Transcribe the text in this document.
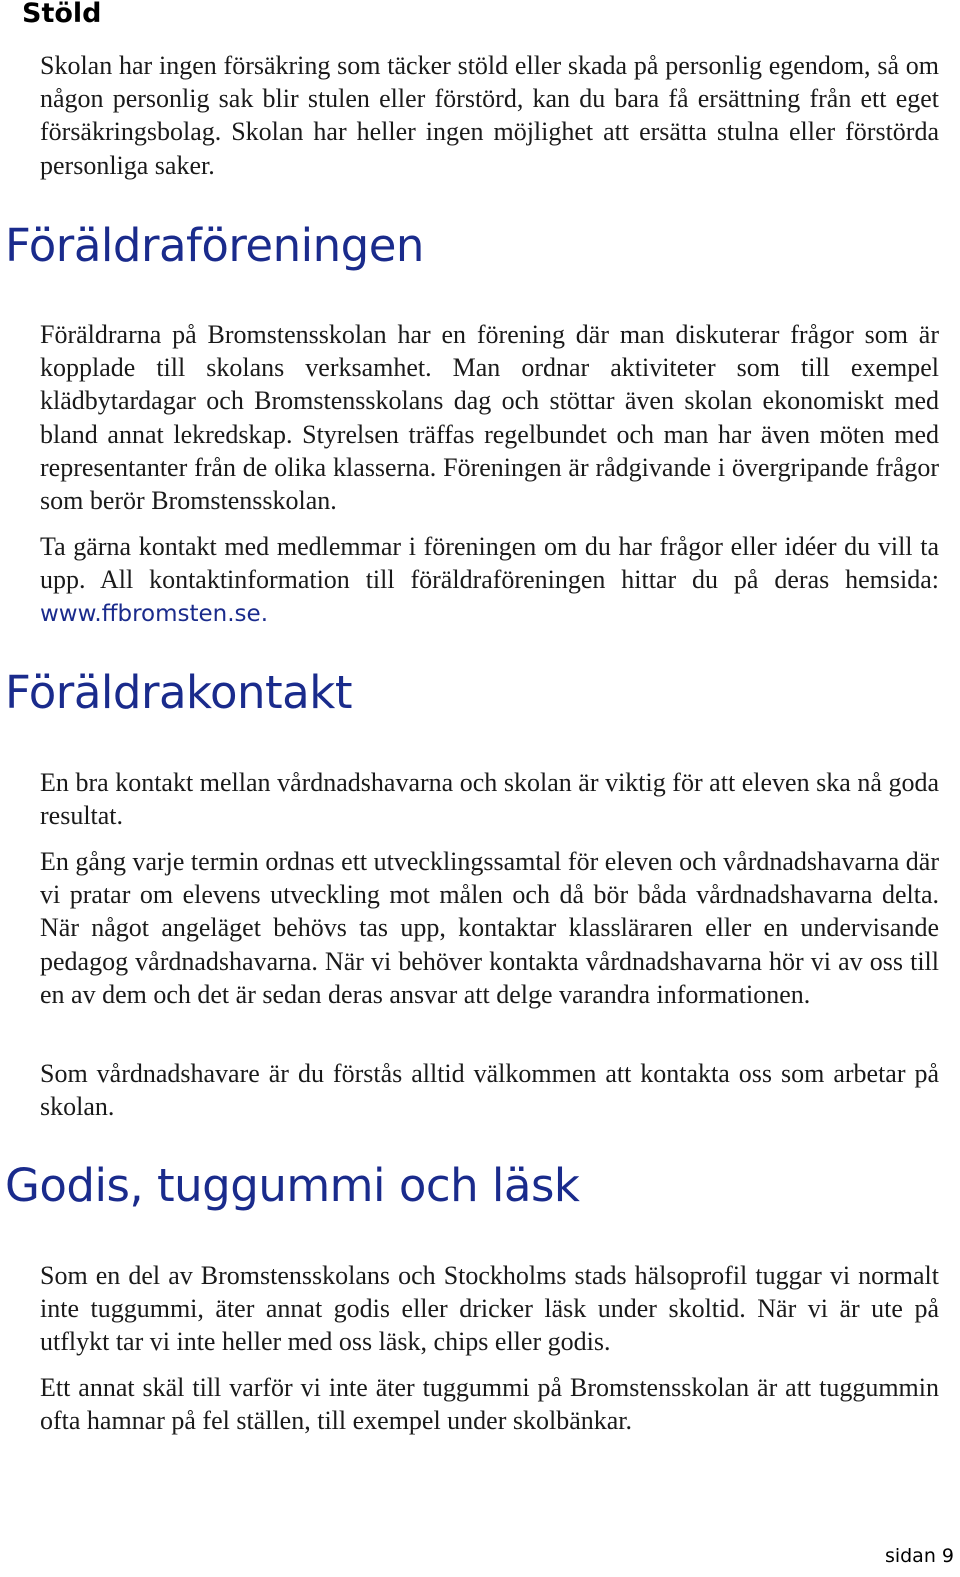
Stöld

Skolan har ingen försäkring som täcker stöld eller skada på personlig egendom, så om någon personlig sak blir stulen eller förstörd, kan du bara få ersättning från ett eget försäkringsbolag. Skolan har heller ingen möjlighet att ersätta stulna eller förstörda personliga saker.

Föräldraföreningen

Föräldrarna på Bromstensskolan har en förening där man diskuterar frågor som är kopplade till skolans verksamhet. Man ordnar aktiviteter som till exempel klädbytardagar och Bromstensskolans dag och stöttar även skolan ekonomiskt med bland annat lekredskap. Styrelsen träffas regelbundet och man har även möten med representanter från de olika klasserna. Föreningen är rådgivande i övergripande frågor som berör Bromstensskolan.

Ta gärna kontakt med medlemmar i föreningen om du har frågor eller idéer du vill ta upp. All kontaktinformation till föräldraföreningen hittar du på deras hemsida: www.ffbromsten.se.

Föräldrakontakt

En bra kontakt mellan vårdnadshavarna och skolan är viktig för att eleven ska nå goda resultat.

En gång varje termin ordnas ett utvecklingssamtal för eleven och vårdnadshavarna där vi pratar om elevens utveckling mot målen och då bör båda vårdnadshavarna delta. När något angeläget behövs tas upp, kontaktar klassläraren eller en undervisande pedagog vårdnadshavarna. När vi behöver kontakta vårdnadshavarna hör vi av oss till en av dem och det är sedan deras ansvar att delge varandra informationen.

Som vårdnadshavare är du förstås alltid välkommen att kontakta oss som arbetar på skolan.

Godis, tuggummi och läsk

Som en del av Bromstensskolans och Stockholms stads hälsoprofil tuggar vi normalt inte tuggummi, äter annat godis eller dricker läsk under skoltid. När vi är ute på utflykt tar vi inte heller med oss läsk, chips eller godis.

Ett annat skäl till varför vi inte äter tuggummi på Bromstensskolan är att tuggummin ofta hamnar på fel ställen, till exempel under skolbänkar.

sidan 9
